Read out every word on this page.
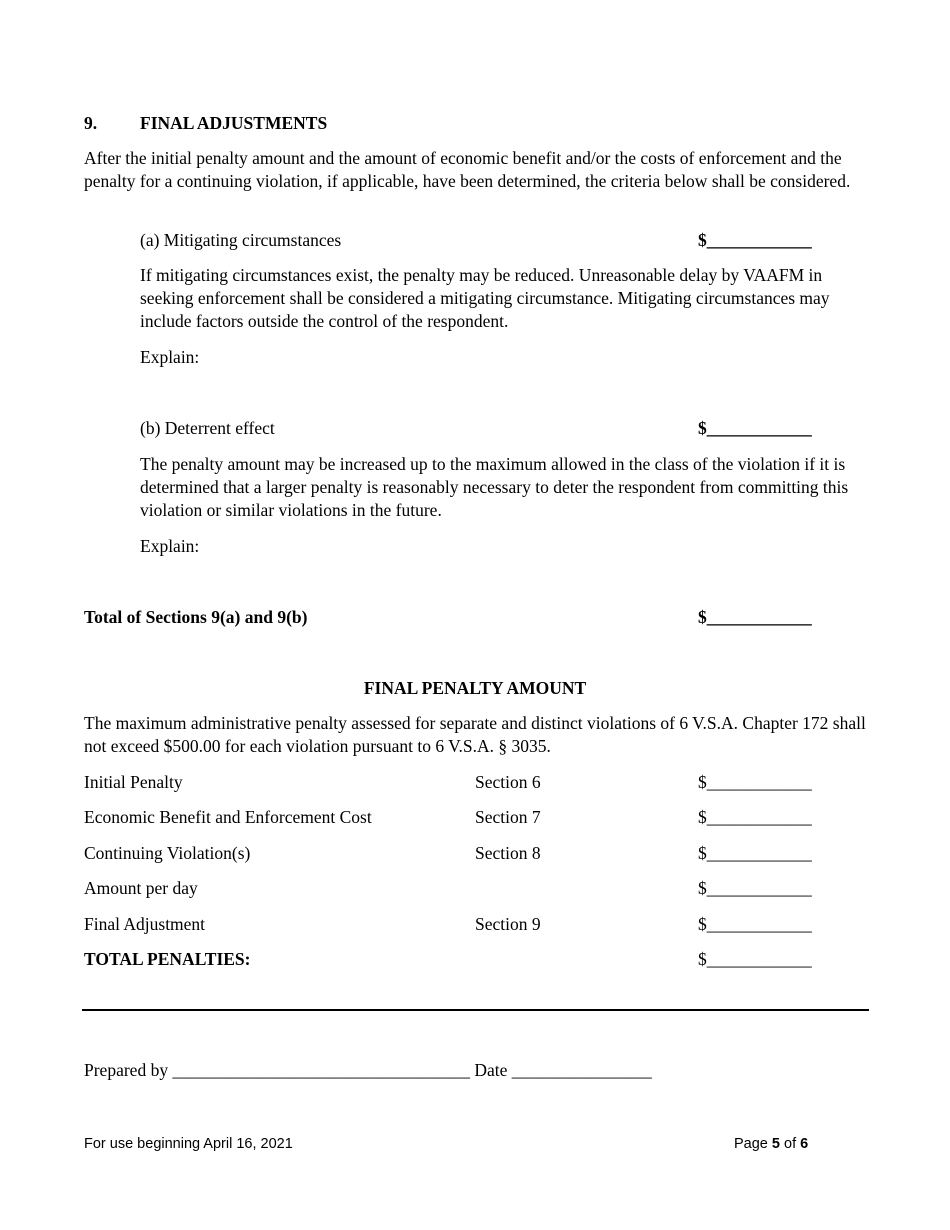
9. FINAL ADJUSTMENTS
After the initial penalty amount and the amount of economic benefit and/or the costs of enforcement and the penalty for a continuing violation, if applicable, have been determined, the criteria below shall be considered.
(a) Mitigating circumstances	$____________
If mitigating circumstances exist, the penalty may be reduced. Unreasonable delay by VAAFM in seeking enforcement shall be considered a mitigating circumstance. Mitigating circumstances may include factors outside the control of the respondent.
Explain:
(b) Deterrent effect	$____________
The penalty amount may be increased up to the maximum allowed in the class of the violation if it is determined that a larger penalty is reasonably necessary to deter the respondent from committing this violation or similar violations in the future.
Explain:
Total of Sections 9(a) and 9(b)	$____________
FINAL PENALTY AMOUNT
The maximum administrative penalty assessed for separate and distinct violations of 6 V.S.A. Chapter 172 shall not exceed $500.00 for each violation pursuant to 6 V.S.A. § 3035.
Initial Penalty	Section 6	$____________
Economic Benefit and Enforcement Cost	Section 7	$____________
Continuing Violation(s)	Section 8	$____________
Amount per day	$____________
Final Adjustment	Section 9	$____________
TOTAL PENALTIES:	$____________
Prepared by __________________________________ Date ________________
For use beginning April 16, 2021	Page 5 of 6
